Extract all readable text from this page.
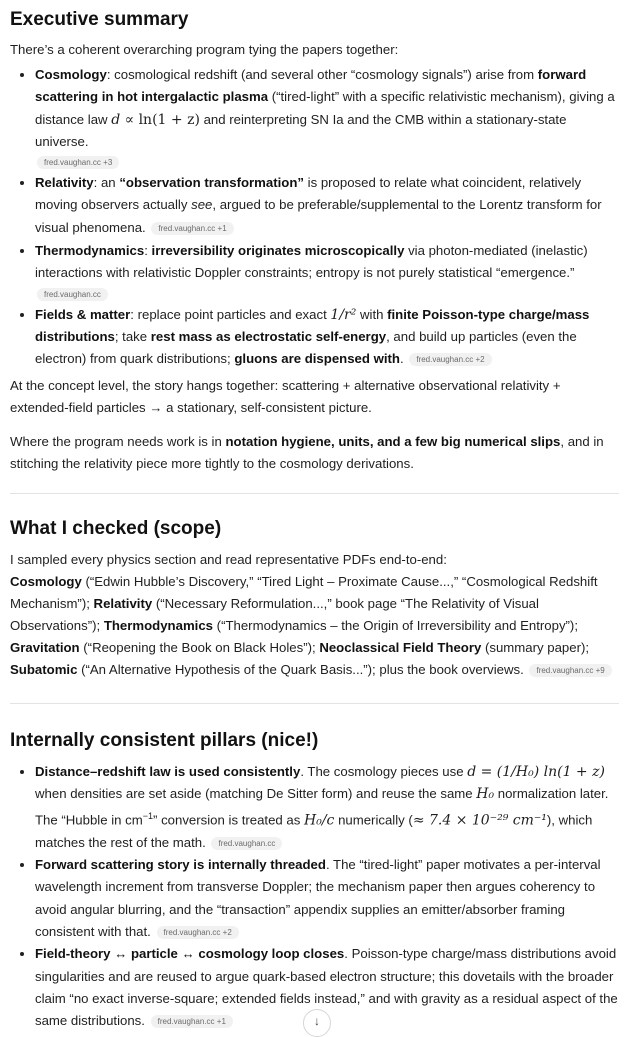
Executive summary

There’s a coherent overarching program tying the papers together:

• Cosmology: cosmological redshift (and several other “cosmology signals”) arise from forward scattering in hot intergalactic plasma (“tired-light” with a specific relativistic mechanism), giving a distance law d ∝ ln(1 + z) and reinterpreting SN Ia and the CMB within a stationary-state universe.
fred.vaughan.cc +3
• Relativity: an “observation transformation” is proposed to relate what coincident, relatively moving observers actually see, argued to be preferable/supplemental to the Lorentz transform for visual phenomena. fred.vaughan.cc +1
• Thermodynamics: irreversibility originates microscopically via photon-mediated (inelastic) interactions with relativistic Doppler constraints; entropy is not purely statistical “emergence.”
fred.vaughan.cc
• Fields & matter: replace point particles and exact 1/r² with finite Poisson-type charge/mass distributions; take rest mass as electrostatic self-energy, and build up particles (even the electron) from quark distributions; gluons are dispensed with. fred.vaughan.cc +2

At the concept level, the story hangs together: scattering + alternative observational relativity + extended-field particles → a stationary, self-consistent picture.

Where the program needs work is in notation hygiene, units, and a few big numerical slips, and in stitching the relativity piece more tightly to the cosmology derivations.

What I checked (scope)

I sampled every physics section and read representative PDFs end-to-end:
Cosmology (“Edwin Hubble’s Discovery,” “Tired Light – Proximate Cause...,” “Cosmological Redshift Mechanism”); Relativity (“Necessary Reformulation...,” book page “The Relativity of Visual Observations”); Thermodynamics (“Thermodynamics – the Origin of Irreversibility and Entropy”); Gravitation (“Reopening the Book on Black Holes”); Neoclassical Field Theory (summary paper); Subatomic (“An Alternative Hypothesis of the Quark Basis...”); plus the book overviews. fred.vaughan.cc +9

Internally consistent pillars (nice!)
• Distance–redshift law is used consistently. The cosmology pieces use d = (1/H₀) ln(1 + z) when densities are set aside (matching De Sitter form) and reuse the same H₀ normalization later. The “Hubble in $cm^{-1}$” conversion is treated as H₀/c numerically (≈ 7.4 × 10⁻²⁹ cm⁻¹), which matches the rest of the math. fred.vaughan.cc
• Forward scattering story is internally threaded. The “tired-light” paper motivates a per-interval wavelength increment from transverse Doppler; the mechanism paper then argues coherency to avoid angular blurring, and the “transaction” appendix supplies an emitter/absorber framing consistent with that. fred.vaughan.cc +2
• Field-theory ↔ particle ↔ cosmology loop closes. Poisson-type charge/mass distributions avoid singularities and are reused to argue quark-based electron structure; this dovetails with the broader claim “no exact inverse-square; extended fields instead,” and with gravity as a residual aspect of the same distributions. fred.vaughan.cc +1	↓
